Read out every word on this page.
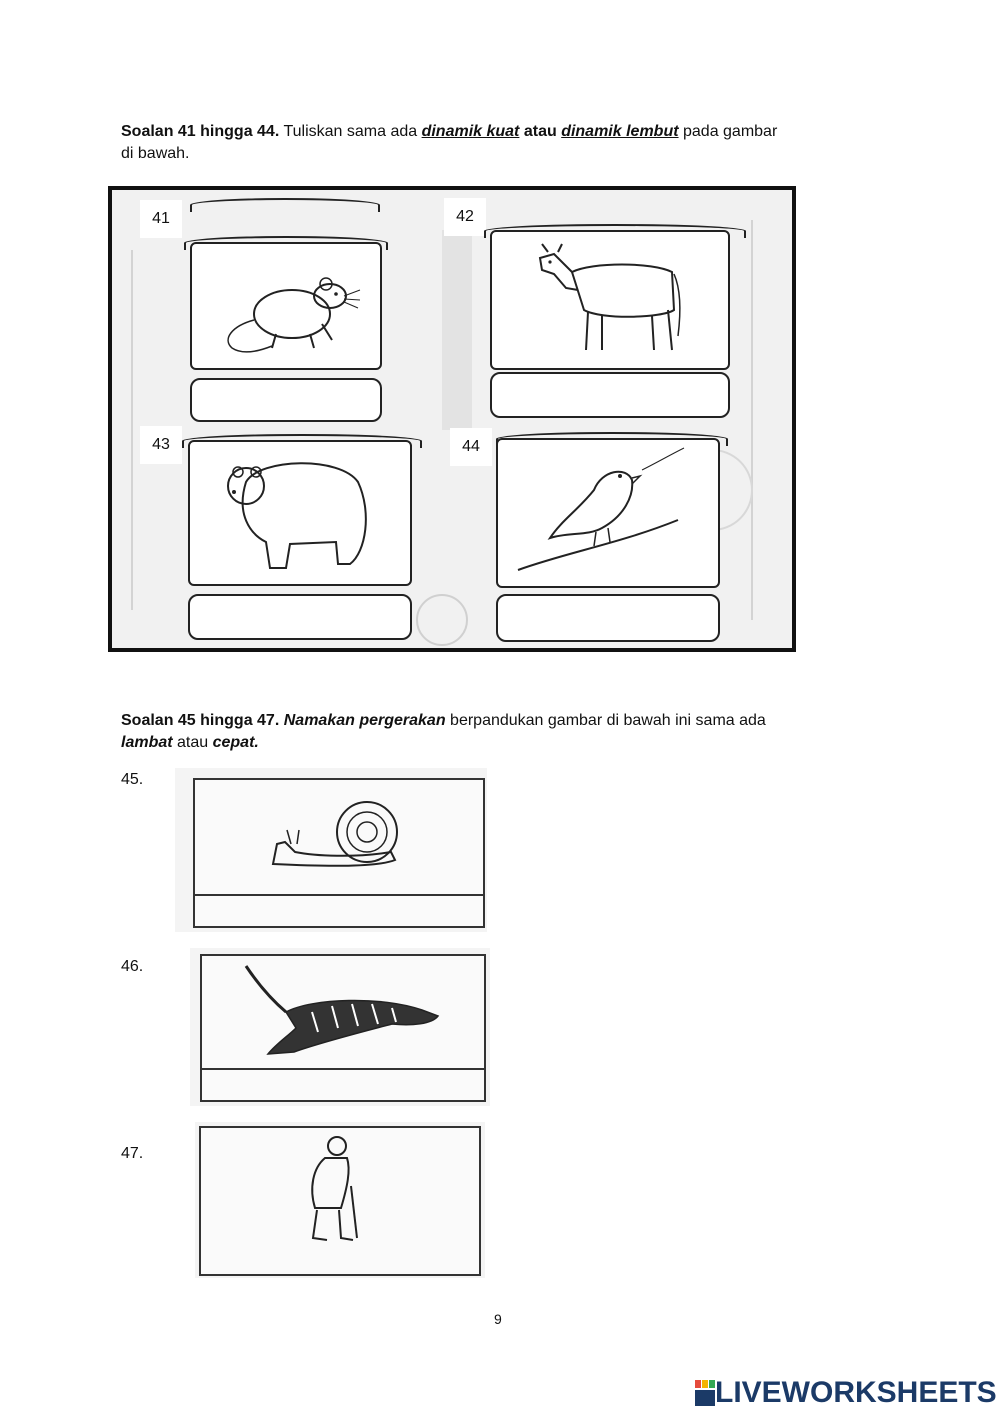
Soalan 41 hingga 44. Tuliskan sama ada dinamik kuat atau dinamik lembut pada gambar
di bawah.
41	42
43	44
Soalan 45 hingga 47. Namakan pergerakan berpandukan gambar di bawah ini sama ada
lambat atau cepat.
45.
46.
47.
9
LIVEWORKSHEETS
